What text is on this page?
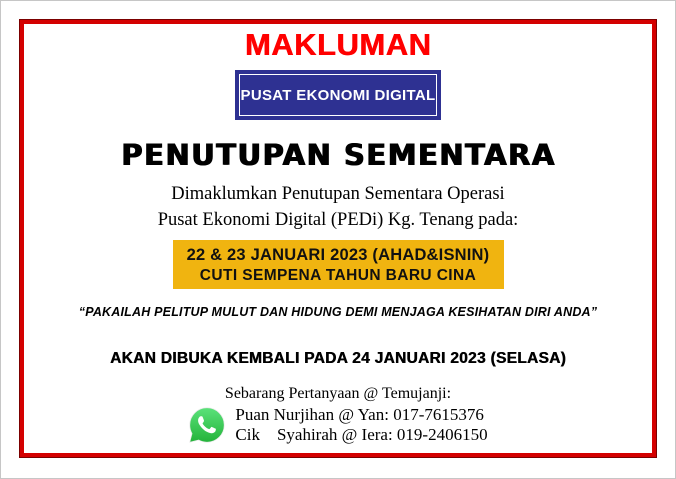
MAKLUMAN
PUSAT EKONOMI DIGITAL
PENUTUPAN SEMENTARA
Dimaklumkan Penutupan Sementara Operasi
Pusat Ekonomi Digital (PEDi) Kg. Tenang pada:
22 & 23 JANUARI 2023 (AHAD&ISNIN)
CUTI SEMPENA TAHUN BARU CINA
“PAKAILAH PELITUP MULUT DAN HIDUNG DEMI MENJAGA KESIHATAN DIRI ANDA”
AKAN DIBUKA KEMBALI PADA 24 JANUARI 2023 (SELASA)
Sebarang Pertanyaan @ Temujanji:
Puan Nurjihan @ Yan: 017-7615376
Cik    Syahirah @ Iera: 019-2406150
